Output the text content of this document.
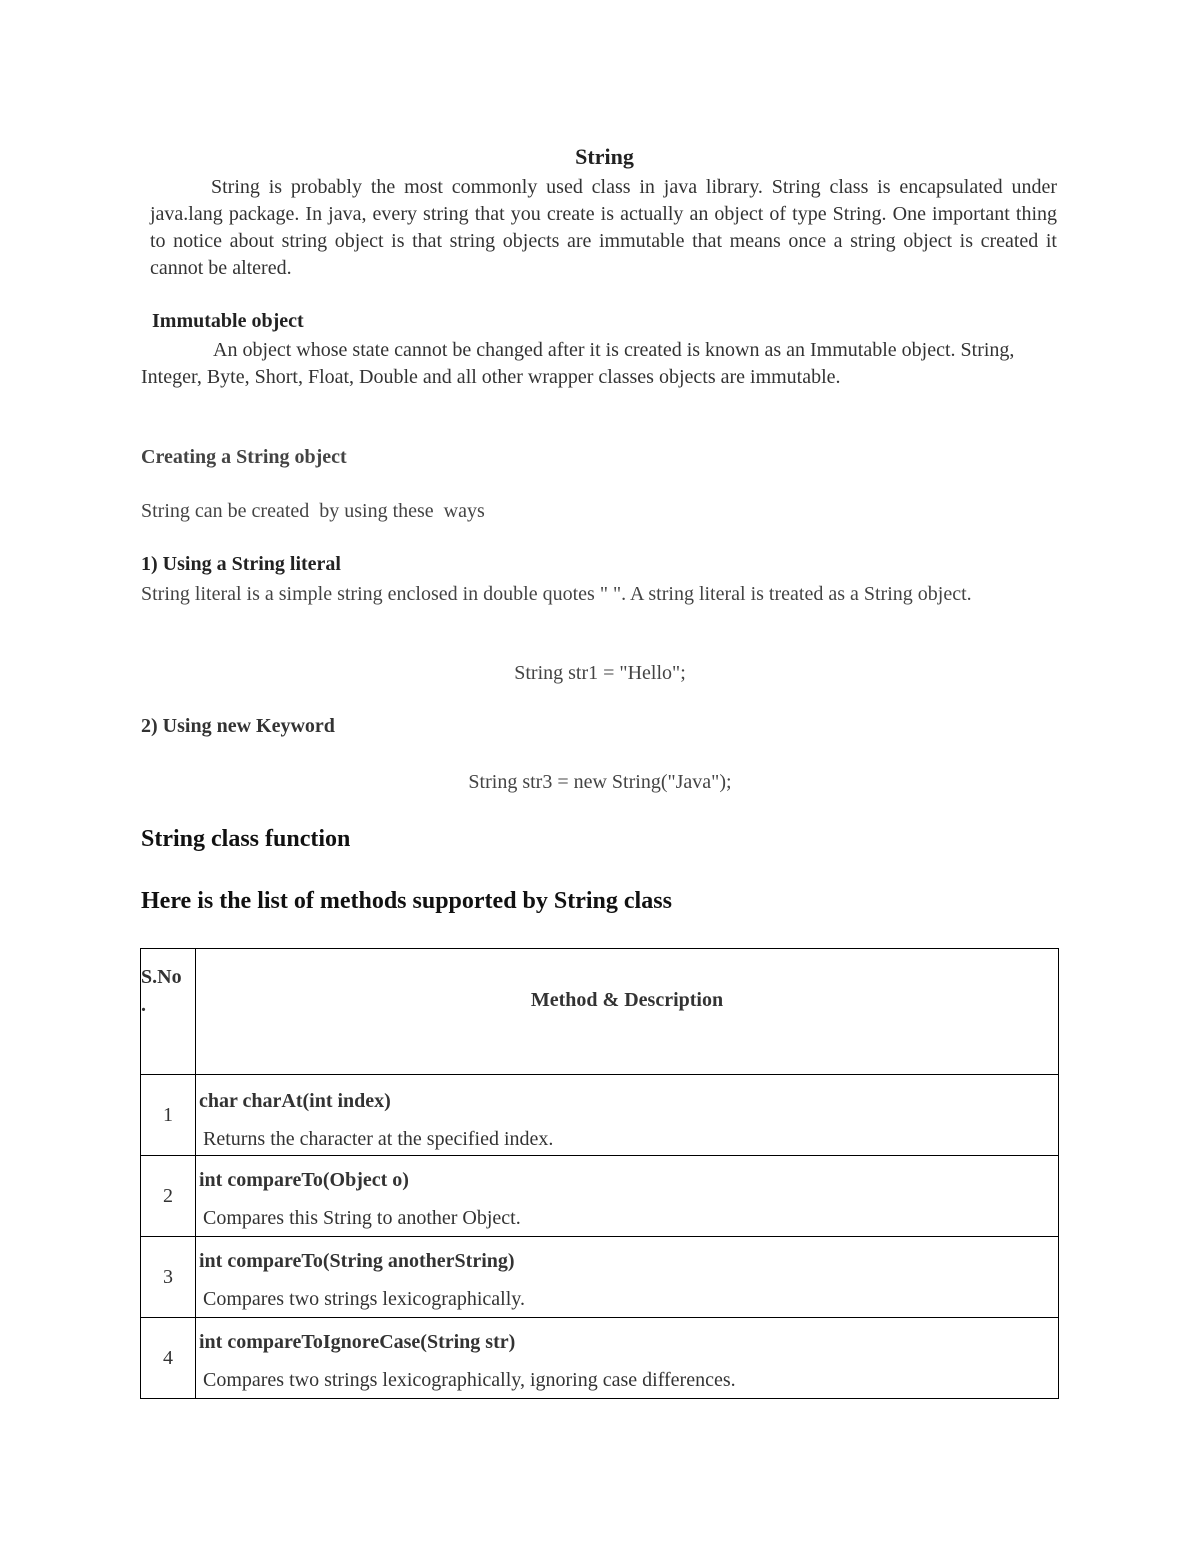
String
String is probably the most commonly used class in java library. String class is encapsulated under java.lang package. In java, every string that you create is actually an object of type String. One important thing to notice about string object is that string objects are immutable that means once a string object is created it cannot be altered.
Immutable object
An object whose state cannot be changed after it is created is known as an Immutable object. String, Integer, Byte, Short, Float, Double and all other wrapper classes objects are immutable.
Creating a String object
String can be created  by using these  ways
1) Using a String literal
String literal is a simple string enclosed in double quotes " ". A string literal is treated as a String object.
String str1 = "Hello";
2) Using new Keyword
String str3 = new String("Java");
String class function
Here is the list of methods supported by String class
S.No
.	Method & Description
1	char charAt(int index)
Returns the character at the specified index.

2	int compareTo(Object o)
Compares this String to another Object.

3	int compareTo(String anotherString)
Compares two strings lexicographically.

4	int compareToIgnoreCase(String str)
Compares two strings lexicographically, ignoring case differences.
